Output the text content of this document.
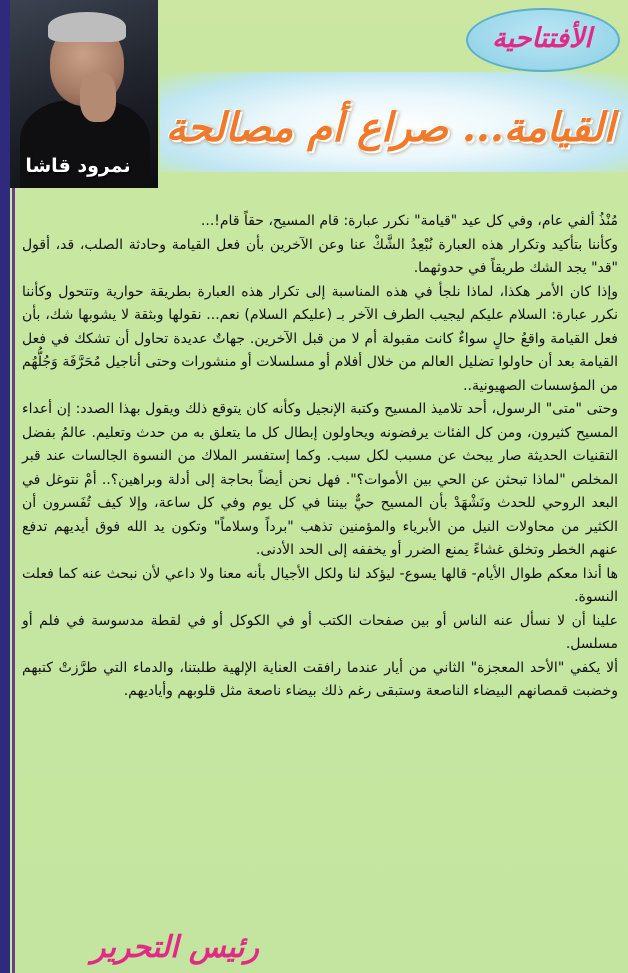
نمرود قاشا
الأفتتاحية
القيامة... صراع أم مصالحة

مُنْذُ ألفي عام، وفي كل عيد "قيامة" نكرر عبارة: قام المسيح، حقاً قام!...

وكأننا بتأكيد وتكرار هذه العبارة نُبْعِدُ الشَّكْ عنا وعن الآخرين بأن فعل القيامة وحادثة الصلب، قد، أقول "قد" يجد الشك طريقاً في حدوثهما.

وإذا كان الأمر هكذا، لماذا نلجأ في هذه المناسبة إلى تكرار هذه العبارة بطريقة حوارية وتتحول وكأننا نكرر عبارة: السلام عليكم ليجيب الطرف الآخر بـ (عليكم السلام) نعم... نقولها وبثقة لا يشوبها شك، بأن فعل القيامة واقعُ حالٍ سواءٌ كانت مقبولة أم لا من قبل الآخرين. جهاتٌ عديدة تحاول أن تشكك في فعل القيامة بعد أن حاولوا تضليل العالم من خلال أفلام أو مسلسلات أو منشورات وحتى أناجيل مُحَرَّفَة وَجُلُّهُم من المؤسسات الصهيونية..

وحتى "متى" الرسول، أحد تلاميذ المسيح وكتبة الإنجيل وكأنه كان يتوقع ذلك ويقول بهذا الصدد: إن أعداء المسيح كثيرون، ومن كل الفئات يرفضونه ويحاولون إبطال كل ما يتعلق به من حدث وتعليم. عالمُ بفضل التقنيات الحديثة صار يبحث عن مسبب لكل سبب. وكما إستفسر الملاك من النسوة الجالسات عند قبر المخلص "لماذا تبحثن عن الحي بين الأموات؟". فهل نحن أيضاً بحاجة إلى أدلة وبراهين؟.. أمْ نتوغل في البعد الروحي للحدث ونَشْهَدْ بأن المسيح حيٌّ بيننا في كل يوم وفي كل ساعة، وإلا كيف تُفَسرون أن الكثير من محاولات النيل من الأبرياء والمؤمنين تذهب "برداً وسلاماً" وتكون يد الله فوق أيديهم تدفع عنهم الخطر وتخلق غشاءً يمنع الضرر أو يخففه إلى الحد الأدنى.

ها أنذا معكم طوال الأيام- قالها يسوع- ليؤكد لنا ولكل الأجيال بأنه معنا ولا داعي لأن نبحث عنه كما فعلت النسوة.

علينا أن لا نسأل عنه الناس أو بين صفحات الكتب أو في الكوكل أو في لقطة مدسوسة في فلم أو مسلسل.

ألا يكفي "الأحد المعجزة" الثاني من أيار عندما رافقت العناية الإلهية طلبتنا، والدماء التي طرَّزتْ كتبهم وخضبت قمصانهم البيضاء الناصعة وستبقى رغم ذلك بيضاء ناصعة مثل قلوبهم وأياديهم.

رئيس التحرير
